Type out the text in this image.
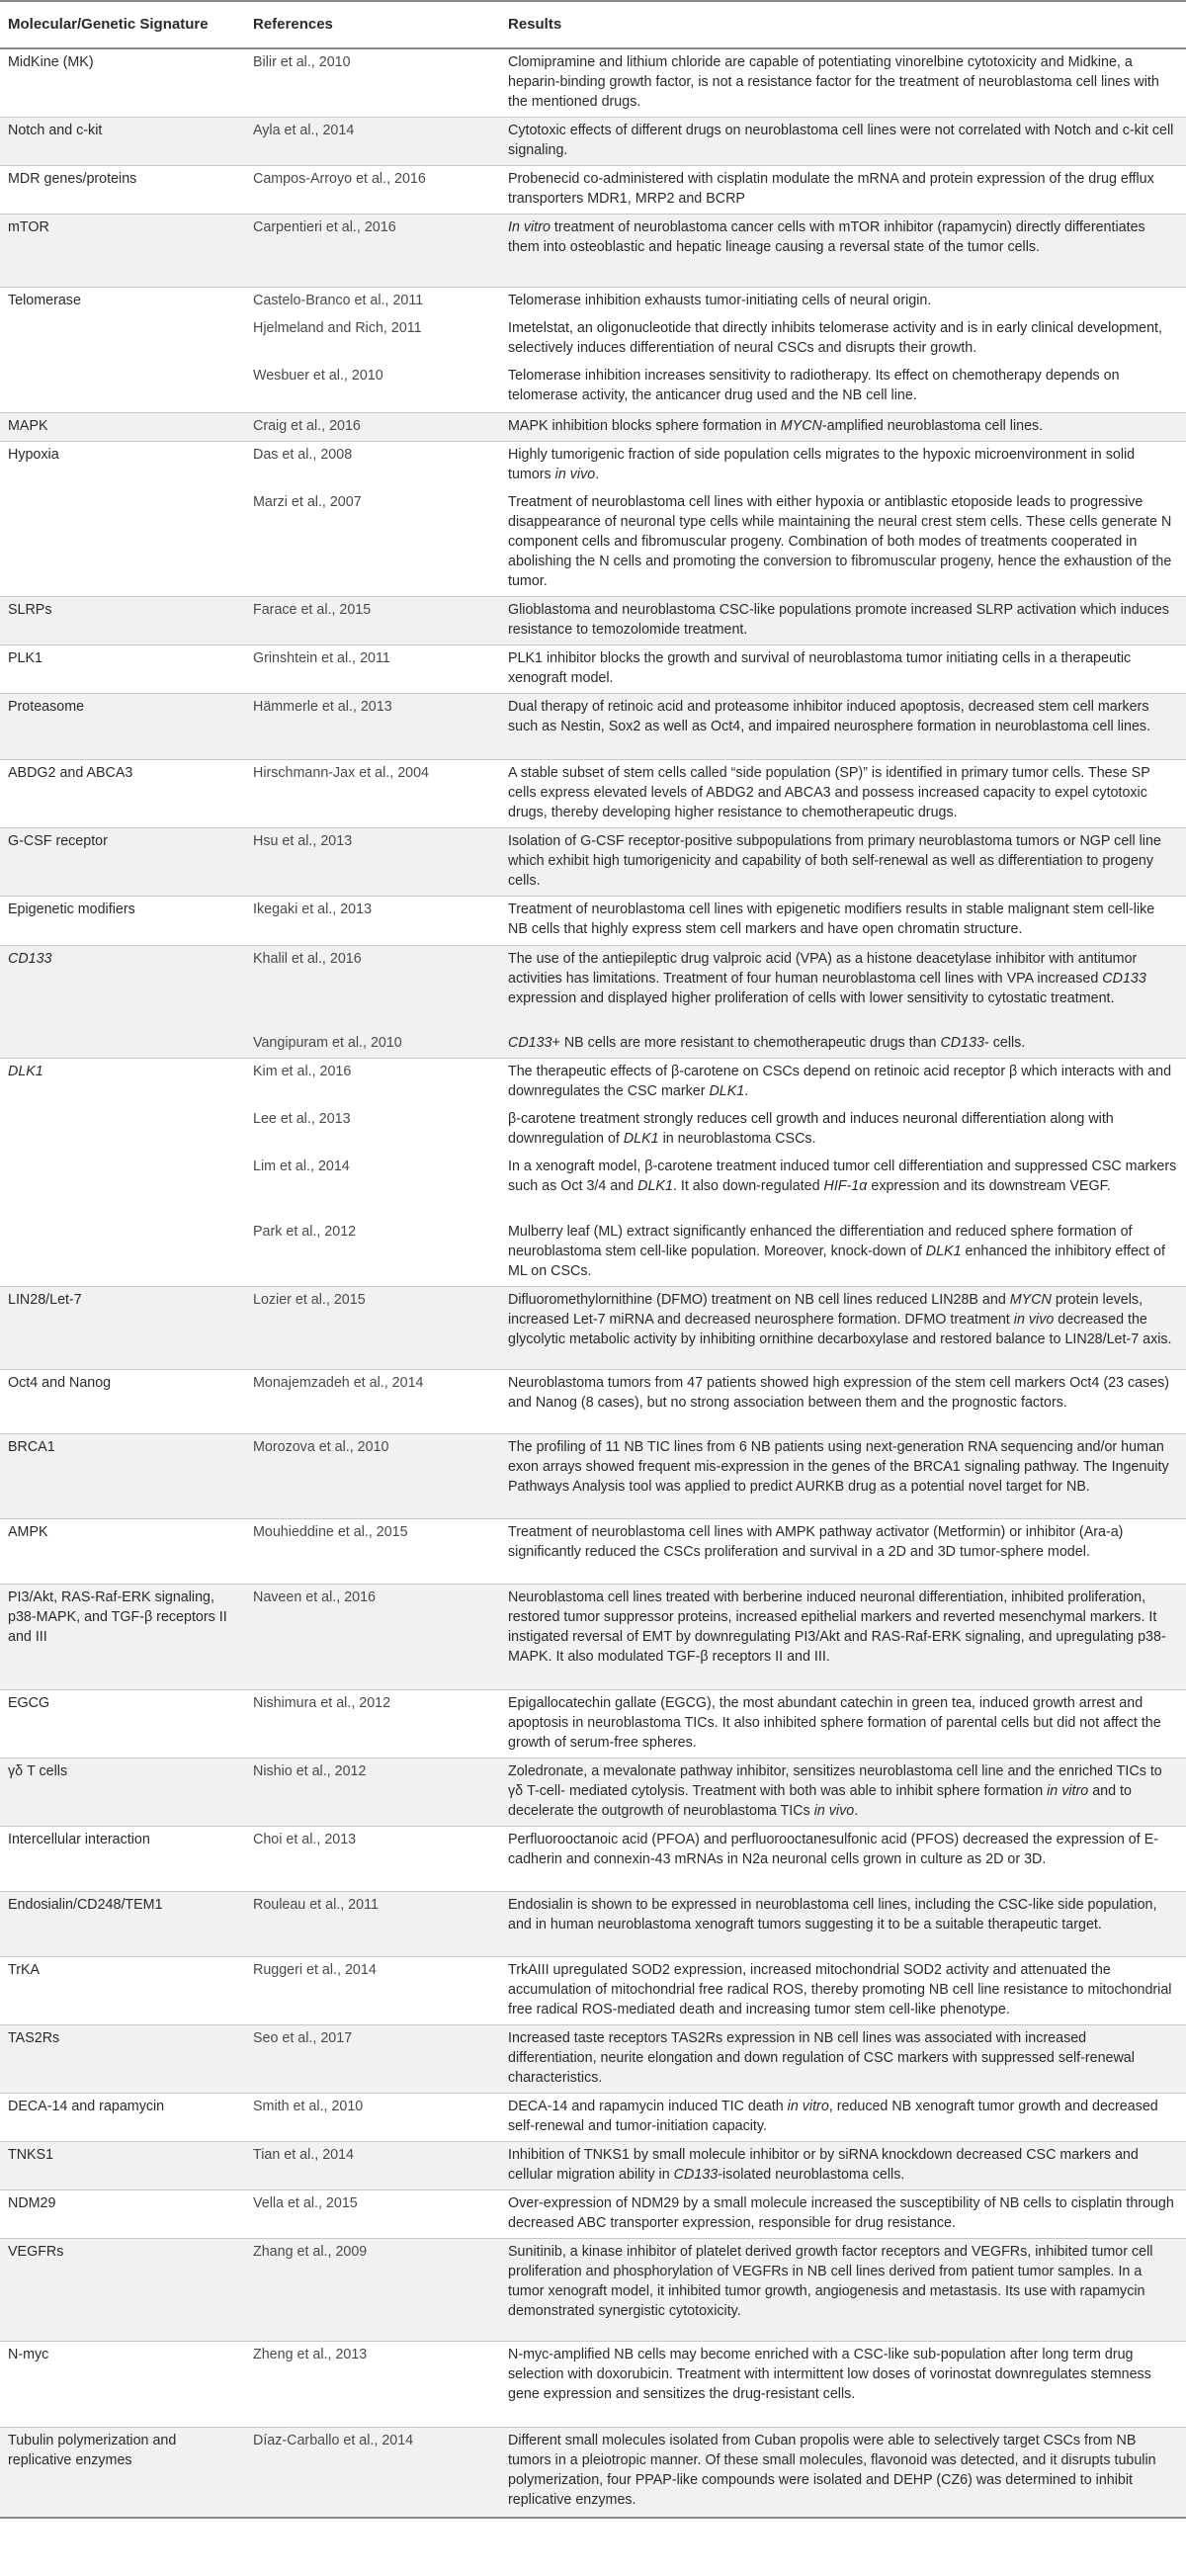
Molecular/Genetic Signature	References	Results
MidKine (MK)	Bilir et al., 2010	Clomipramine and lithium chloride are capable of potentiating vinorelbine cytotoxicity and Midkine, a heparin-binding growth factor, is not a resistance factor for the treatment of neuroblastoma cell lines with the mentioned drugs.
Notch and c-kit	Ayla et al., 2014	Cytotoxic effects of different drugs on neuroblastoma cell lines were not correlated with Notch and c-kit cell signaling.
MDR genes/proteins	Campos-Arroyo et al., 2016	Probenecid co-administered with cisplatin modulate the mRNA and protein expression of the drug efflux transporters MDR1, MRP2 and BCRP
mTOR	Carpentieri et al., 2016	In vitro treatment of neuroblastoma cancer cells with mTOR inhibitor (rapamycin) directly differentiates them into osteoblastic and hepatic lineage causing a reversal state of the tumor cells.
Telomerase	Castelo-Branco et al., 2011	Telomerase inhibition exhausts tumor-initiating cells of neural origin.
	Hjelmeland and Rich, 2011	Imetelstat, an oligonucleotide that directly inhibits telomerase activity and is in early clinical development, selectively induces differentiation of neural CSCs and disrupts their growth.
	Wesbuer et al., 2010	Telomerase inhibition increases sensitivity to radiotherapy. Its effect on chemotherapy depends on telomerase activity, the anticancer drug used and the NB cell line.
MAPK	Craig et al., 2016	MAPK inhibition blocks sphere formation in MYCN-amplified neuroblastoma cell lines.
Hypoxia	Das et al., 2008	Highly tumorigenic fraction of side population cells migrates to the hypoxic microenvironment in solid tumors in vivo.
	Marzi et al., 2007	Treatment of neuroblastoma cell lines with either hypoxia or antiblastic etoposide leads to progressive disappearance of neuronal type cells while maintaining the neural crest stem cells. These cells generate N component cells and fibromuscular progeny. Combination of both modes of treatments cooperated in abolishing the N cells and promoting the conversion to fibromuscular progeny, hence the exhaustion of the tumor.
SLRPs	Farace et al., 2015	Glioblastoma and neuroblastoma CSC-like populations promote increased SLRP activation which induces resistance to temozolomide treatment.
PLK1	Grinshtein et al., 2011	PLK1 inhibitor blocks the growth and survival of neuroblastoma tumor initiating cells in a therapeutic xenograft model.
Proteasome	Hämmerle et al., 2013	Dual therapy of retinoic acid and proteasome inhibitor induced apoptosis, decreased stem cell markers such as Nestin, Sox2 as well as Oct4, and impaired neurosphere formation in neuroblastoma cell lines.
ABDG2 and ABCA3	Hirschmann-Jax et al., 2004	A stable subset of stem cells called “side population (SP)” is identified in primary tumor cells. These SP cells express elevated levels of ABDG2 and ABCA3 and possess increased capacity to expel cytotoxic drugs, thereby developing higher resistance to chemotherapeutic drugs.
G-CSF receptor	Hsu et al., 2013	Isolation of G-CSF receptor-positive subpopulations from primary neuroblastoma tumors or NGP cell line which exhibit high tumorigenicity and capability of both self-renewal as well as differentiation to progeny cells.
Epigenetic modifiers	Ikegaki et al., 2013	Treatment of neuroblastoma cell lines with epigenetic modifiers results in stable malignant stem cell-like NB cells that highly express stem cell markers and have open chromatin structure.
CD133	Khalil et al., 2016	The use of the antiepileptic drug valproic acid (VPA) as a histone deacetylase inhibitor with antitumor activities has limitations. Treatment of four human neuroblastoma cell lines with VPA increased CD133 expression and displayed higher proliferation of cells with lower sensitivity to cytostatic treatment.
	Vangipuram et al., 2010	CD133+ NB cells are more resistant to chemotherapeutic drugs than CD133- cells.
DLK1	Kim et al., 2016	The therapeutic effects of β-carotene on CSCs depend on retinoic acid receptor β which interacts with and downregulates the CSC marker DLK1.
	Lee et al., 2013	β-carotene treatment strongly reduces cell growth and induces neuronal differentiation along with downregulation of DLK1 in neuroblastoma CSCs.
	Lim et al., 2014	In a xenograft model, β-carotene treatment induced tumor cell differentiation and suppressed CSC markers such as Oct 3/4 and DLK1. It also down-regulated HIF-1α expression and its downstream VEGF.
	Park et al., 2012	Mulberry leaf (ML) extract significantly enhanced the differentiation and reduced sphere formation of neuroblastoma stem cell-like population. Moreover, knock-down of DLK1 enhanced the inhibitory effect of ML on CSCs.
LIN28/Let-7	Lozier et al., 2015	Difluoromethylornithine (DFMO) treatment on NB cell lines reduced LIN28B and MYCN protein levels, increased Let-7 miRNA and decreased neurosphere formation. DFMO treatment in vivo decreased the glycolytic metabolic activity by inhibiting ornithine decarboxylase and restored balance to LIN28/Let-7 axis.
Oct4 and Nanog	Monajemzadeh et al., 2014	Neuroblastoma tumors from 47 patients showed high expression of the stem cell markers Oct4 (23 cases) and Nanog (8 cases), but no strong association between them and the prognostic factors.
BRCA1	Morozova et al., 2010	The profiling of 11 NB TIC lines from 6 NB patients using next-generation RNA sequencing and/or human exon arrays showed frequent mis-expression in the genes of the BRCA1 signaling pathway. The Ingenuity Pathways Analysis tool was applied to predict AURKB drug as a potential novel target for NB.
AMPK	Mouhieddine et al., 2015	Treatment of neuroblastoma cell lines with AMPK pathway activator (Metformin) or inhibitor (Ara-a) significantly reduced the CSCs proliferation and survival in a 2D and 3D tumor-sphere model.
PI3/Akt, RAS-Raf-ERK signaling, p38-MAPK, and TGF-β receptors II and III	Naveen et al., 2016	Neuroblastoma cell lines treated with berberine induced neuronal differentiation, inhibited proliferation, restored tumor suppressor proteins, increased epithelial markers and reverted mesenchymal markers. It instigated reversal of EMT by downregulating PI3/Akt and RAS-Raf-ERK signaling, and upregulating p38-MAPK. It also modulated TGF-β receptors II and III.
EGCG	Nishimura et al., 2012	Epigallocatechin gallate (EGCG), the most abundant catechin in green tea, induced growth arrest and apoptosis in neuroblastoma TICs. It also inhibited sphere formation of parental cells but did not affect the growth of serum-free spheres.
γδ T cells	Nishio et al., 2012	Zoledronate, a mevalonate pathway inhibitor, sensitizes neuroblastoma cell line and the enriched TICs to γδ T-cell- mediated cytolysis. Treatment with both was able to inhibit sphere formation in vitro and to decelerate the outgrowth of neuroblastoma TICs in vivo.
Intercellular interaction	Choi et al., 2013	Perfluorooctanoic acid (PFOA) and perfluorooctanesulfonic acid (PFOS) decreased the expression of E-cadherin and connexin-43 mRNAs in N2a neuronal cells grown in culture as 2D or 3D.
Endosialin/CD248/TEM1	Rouleau et al., 2011	Endosialin is shown to be expressed in neuroblastoma cell lines, including the CSC-like side population, and in human neuroblastoma xenograft tumors suggesting it to be a suitable therapeutic target.
TrKA	Ruggeri et al., 2014	TrkAIII upregulated SOD2 expression, increased mitochondrial SOD2 activity and attenuated the accumulation of mitochondrial free radical ROS, thereby promoting NB cell line resistance to mitochondrial free radical ROS-mediated death and increasing tumor stem cell-like phenotype.
TAS2Rs	Seo et al., 2017	Increased taste receptors TAS2Rs expression in NB cell lines was associated with increased differentiation, neurite elongation and down regulation of CSC markers with suppressed self-renewal characteristics.
DECA-14 and rapamycin	Smith et al., 2010	DECA-14 and rapamycin induced TIC death in vitro, reduced NB xenograft tumor growth and decreased self-renewal and tumor-initiation capacity.
TNKS1	Tian et al., 2014	Inhibition of TNKS1 by small molecule inhibitor or by siRNA knockdown decreased CSC markers and cellular migration ability in CD133-isolated neuroblastoma cells.
NDM29	Vella et al., 2015	Over-expression of NDM29 by a small molecule increased the susceptibility of NB cells to cisplatin through decreased ABC transporter expression, responsible for drug resistance.
VEGFRs	Zhang et al., 2009	Sunitinib, a kinase inhibitor of platelet derived growth factor receptors and VEGFRs, inhibited tumor cell proliferation and phosphorylation of VEGFRs in NB cell lines derived from patient tumor samples. In a tumor xenograft model, it inhibited tumor growth, angiogenesis and metastasis. Its use with rapamycin demonstrated synergistic cytotoxicity.
N-myc	Zheng et al., 2013	N-myc-amplified NB cells may become enriched with a CSC-like sub-population after long term drug selection with doxorubicin. Treatment with intermittent low doses of vorinostat downregulates stemness gene expression and sensitizes the drug-resistant cells.
Tubulin polymerization and replicative enzymes	Díaz-Carballo et al., 2014	Different small molecules isolated from Cuban propolis were able to selectively target CSCs from NB tumors in a pleiotropic manner. Of these small molecules, flavonoid was detected, and it disrupts tubulin polymerization, four PPAP-like compounds were isolated and DEHP (CZ6) was determined to inhibit replicative enzymes.
